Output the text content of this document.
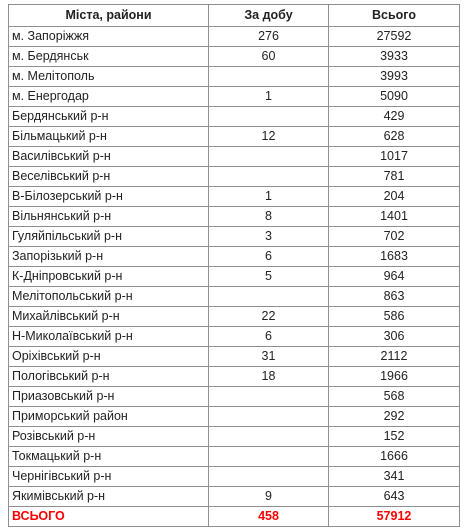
Міста, райони	За добу	Всього
м. Запоріжжя	276	27592
м. Бердянськ	60	3933
м. Мелітополь		3993
м. Енергодар	1	5090
Бердянський р-н		429
Більмацький р-н	12	628
Василівський р-н		1017
Веселівський р-н		781
В-Білозерський р-н	1	204
Вільнянський р-н	8	1401
Гуляйпільський р-н	3	702
Запорізький р-н	6	1683
К-Дніпровський р-н	5	964
Мелітопольський р-н		863
Михайлівський р-н	22	586
Н-Миколаївський р-н	6	306
Оріхівський р-н	31	2112
Пологівський р-н	18	1966
Приазовський р-н		568
Приморський район		292
Розівський р-н		152
Токмацький р-н		1666
Чернігівський р-н		341
Якимівський р-н	9	643
ВСЬОГО	458	57912
